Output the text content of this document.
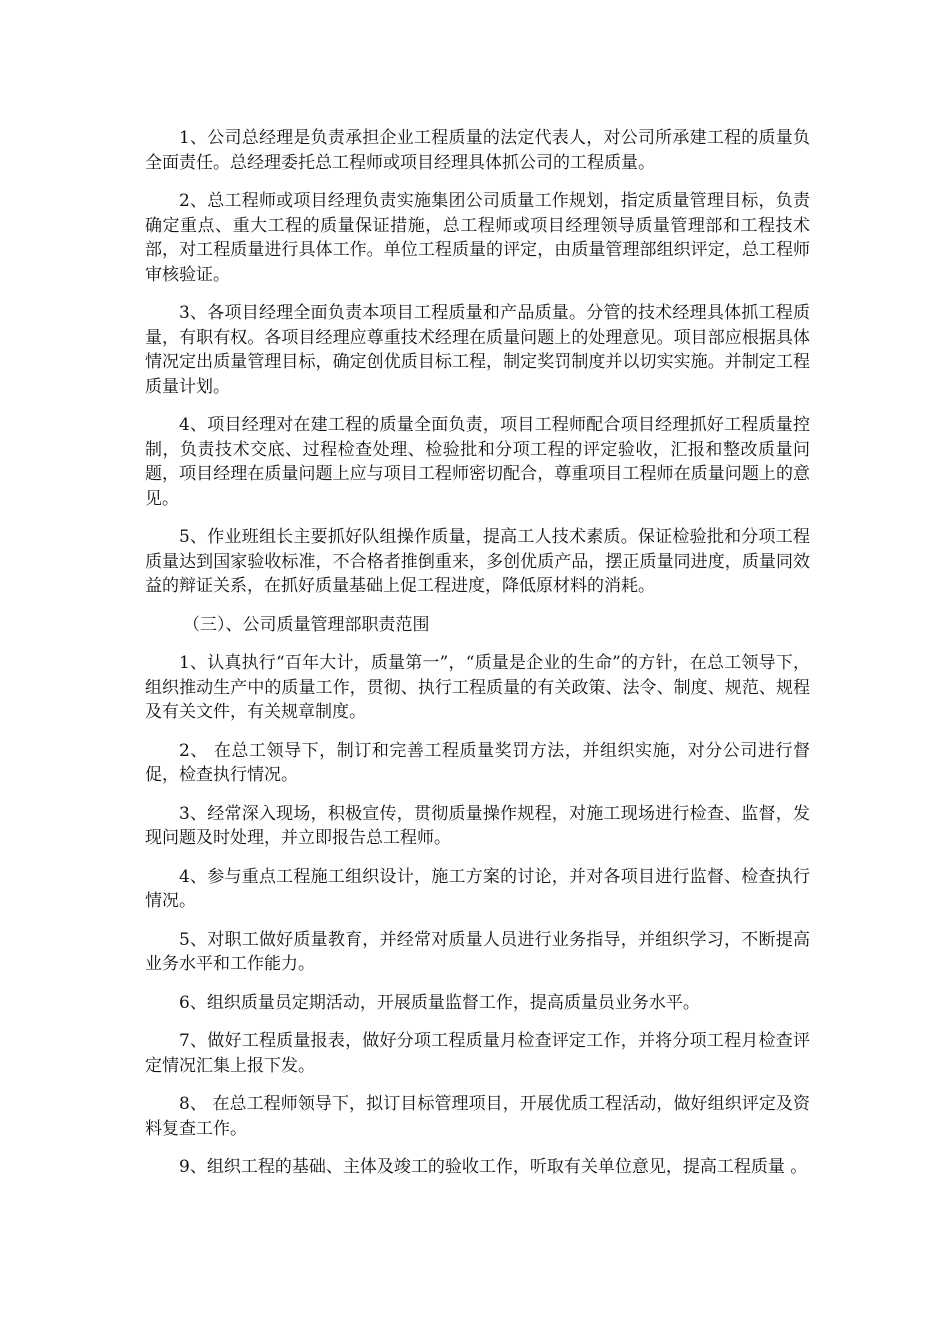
1、公司总经理是负责承担企业工程质量的法定代表人，对公司所承建工程的质量负全面责任。总经理委托总工程师或项目经理具体抓公司的工程质量。

2、总工程师或项目经理负责实施集团公司质量工作规划，指定质量管理目标，负责确定重点、重大工程的质量保证措施，总工程师或项目经理领导质量管理部和工程技术部，对工程质量进行具体工作。单位工程质量的评定，由质量管理部组织评定，总工程师审核验证。

3、各项目经理全面负责本项目工程质量和产品质量。分管的技术经理具体抓工程质量，有职有权。各项目经理应尊重技术经理在质量问题上的处理意见。项目部应根据具体情况定出质量管理目标，确定创优质目标工程，制定奖罚制度并以切实实施。并制定工程质量计划。

4、项目经理对在建工程的质量全面负责，项目工程师配合项目经理抓好工程质量控制，负责技术交底、过程检查处理、检验批和分项工程的评定验收，汇报和整改质量问题，项目经理在质量问题上应与项目工程师密切配合，尊重项目工程师在质量问题上的意见。

5、作业班组长主要抓好队组操作质量，提高工人技术素质。保证检验批和分项工程质量达到国家验收标准，不合格者推倒重来，多创优质产品，摆正质量同进度，质量同效益的辩证关系，在抓好质量基础上促工程进度，降低原材料的消耗。

（三）、公司质量管理部职责范围

1、认真执行“百年大计，质量第一”，“质量是企业的生命”的方针，在总工领导下，组织推动生产中的质量工作，贯彻、执行工程质量的有关政策、法令、制度、规范、规程及有关文件，有关规章制度。

2、 在总工领导下，制订和完善工程质量奖罚方法，并组织实施，对分公司进行督促，检查执行情况。

3、经常深入现场，积极宣传，贯彻质量操作规程，对施工现场进行检查、监督，发现问题及时处理，并立即报告总工程师。

4、参与重点工程施工组织设计，施工方案的讨论，并对各项目进行监督、检查执行情况。

5、对职工做好质量教育，并经常对质量人员进行业务指导，并组织学习，不断提高业务水平和工作能力。

6、组织质量员定期活动，开展质量监督工作，提高质量员业务水平。

7、做好工程质量报表，做好分项工程质量月检查评定工作，并将分项工程月检查评定情况汇集上报下发。

8、 在总工程师领导下，拟订目标管理项目，开展优质工程活动，做好组织评定及资料复查工作。

9、组织工程的基础、主体及竣工的验收工作，听取有关单位意见，提高工程质量 。
